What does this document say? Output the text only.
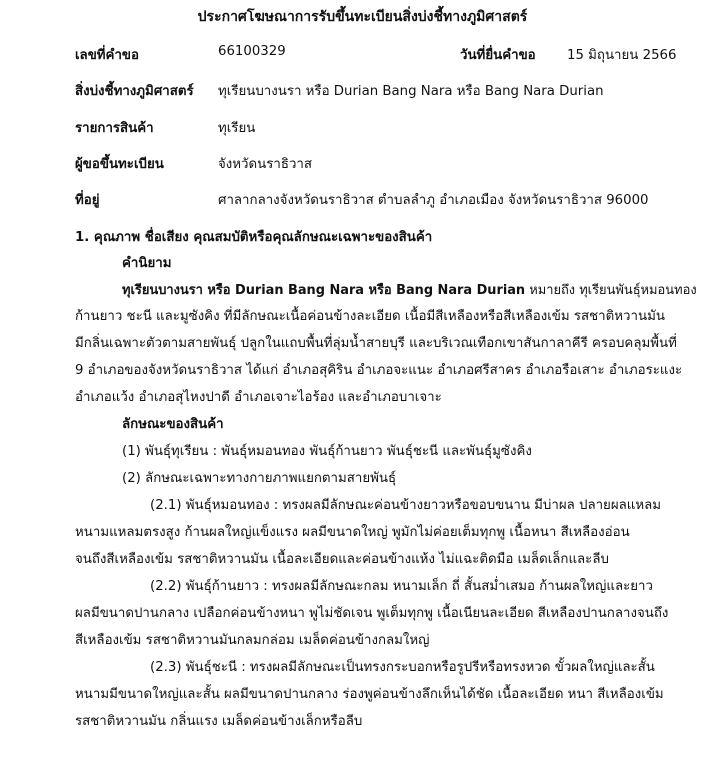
ประกาศโฆษณาการรับขึ้นทะเบียนสิ่งบ่งชี้ทางภูมิศาสตร์
เลขที่คำขอ	66100329	วันที่ยื่นคำขอ 15 มิถุนายน 2566
สิ่งบ่งชี้ทางภูมิศาสตร์ ทุเรียนบางนรา หรือ Durian Bang Nara หรือ Bang Nara Durian
รายการสินค้า	ทุเรียน
ผู้ขอขึ้นทะเบียน	จังหวัดนราธิวาส
ที่อยู่	ศาลากลางจังหวัดนราธิวาส ตำบลลำภู อำเภอเมือง จังหวัดนราธิวาส 96000
1. คุณภาพ ชื่อเสียง คุณสมบัติหรือคุณลักษณะเฉพาะของสินค้า
คำนิยาม
ทุเรียนบางนรา หรือ Durian Bang Nara หรือ Bang Nara Durian หมายถึง ทุเรียนพันธุ์หมอนทอง
ก้านยาว ชะนี และมูซังคิง ที่มีลักษณะเนื้อค่อนข้างละเอียด เนื้อมีสีเหลืองหรือสีเหลืองเข้ม รสชาติหวานมัน
มีกลิ่นเฉพาะตัวตามสายพันธุ์ ปลูกในแถบพื้นที่ลุ่มน้ำสายบุรี และบริเวณเทือกเขาสันกาลาคีรี ครอบคลุมพื้นที่
9 อำเภอของจังหวัดนราธิวาส ได้แก่ อำเภอสุคิริน อำเภอจะแนะ อำเภอศรีสาคร อำเภอรือเสาะ อำเภอระแงะ
อำเภอแว้ง อำเภอสุไหงปาดี อำเภอเจาะไอร้อง และอำเภอบาเจาะ
ลักษณะของสินค้า
(1) พันธุ์ทุเรียน : พันธุ์หมอนทอง พันธุ์ก้านยาว พันธุ์ชะนี และพันธุ์มูซังคิง
(2) ลักษณะเฉพาะทางกายภาพแยกตามสายพันธุ์
(2.1) พันธุ์หมอนทอง : ทรงผลมีลักษณะค่อนข้างยาวหรือขอบขนาน มีบ่าผล ปลายผลแหลม
หนามแหลมตรงสูง ก้านผลใหญ่แข็งแรง ผลมีขนาดใหญ่ พูมักไม่ค่อยเต็มทุกพู เนื้อหนา สีเหลืองอ่อน
จนถึงสีเหลืองเข้ม รสชาติหวานมัน เนื้อละเอียดและค่อนข้างแห้ง ไม่แฉะติดมือ เมล็ดเล็กและลีบ
(2.2) พันธุ์ก้านยาว : ทรงผลมีลักษณะกลม หนามเล็ก ถี่ สั้นสม่ำเสมอ ก้านผลใหญ่และยาว
ผลมีขนาดปานกลาง เปลือกค่อนข้างหนา พูไม่ชัดเจน พูเต็มทุกพู เนื้อเนียนละเอียด สีเหลืองปานกลางจนถึง
สีเหลืองเข้ม รสชาติหวานมันกลมกล่อม เมล็ดค่อนข้างกลมใหญ่
(2.3) พันธุ์ชะนี : ทรงผลมีลักษณะเป็นทรงกระบอกหรือรูปรีหรือทรงหวด ขั้วผลใหญ่และสั้น
หนามมีขนาดใหญ่และสั้น ผลมีขนาดปานกลาง ร่องพูค่อนข้างลึกเห็นได้ชัด เนื้อละเอียด หนา สีเหลืองเข้ม
รสชาติหวานมัน กลิ่นแรง เมล็ดค่อนข้างเล็กหรือลีบ
